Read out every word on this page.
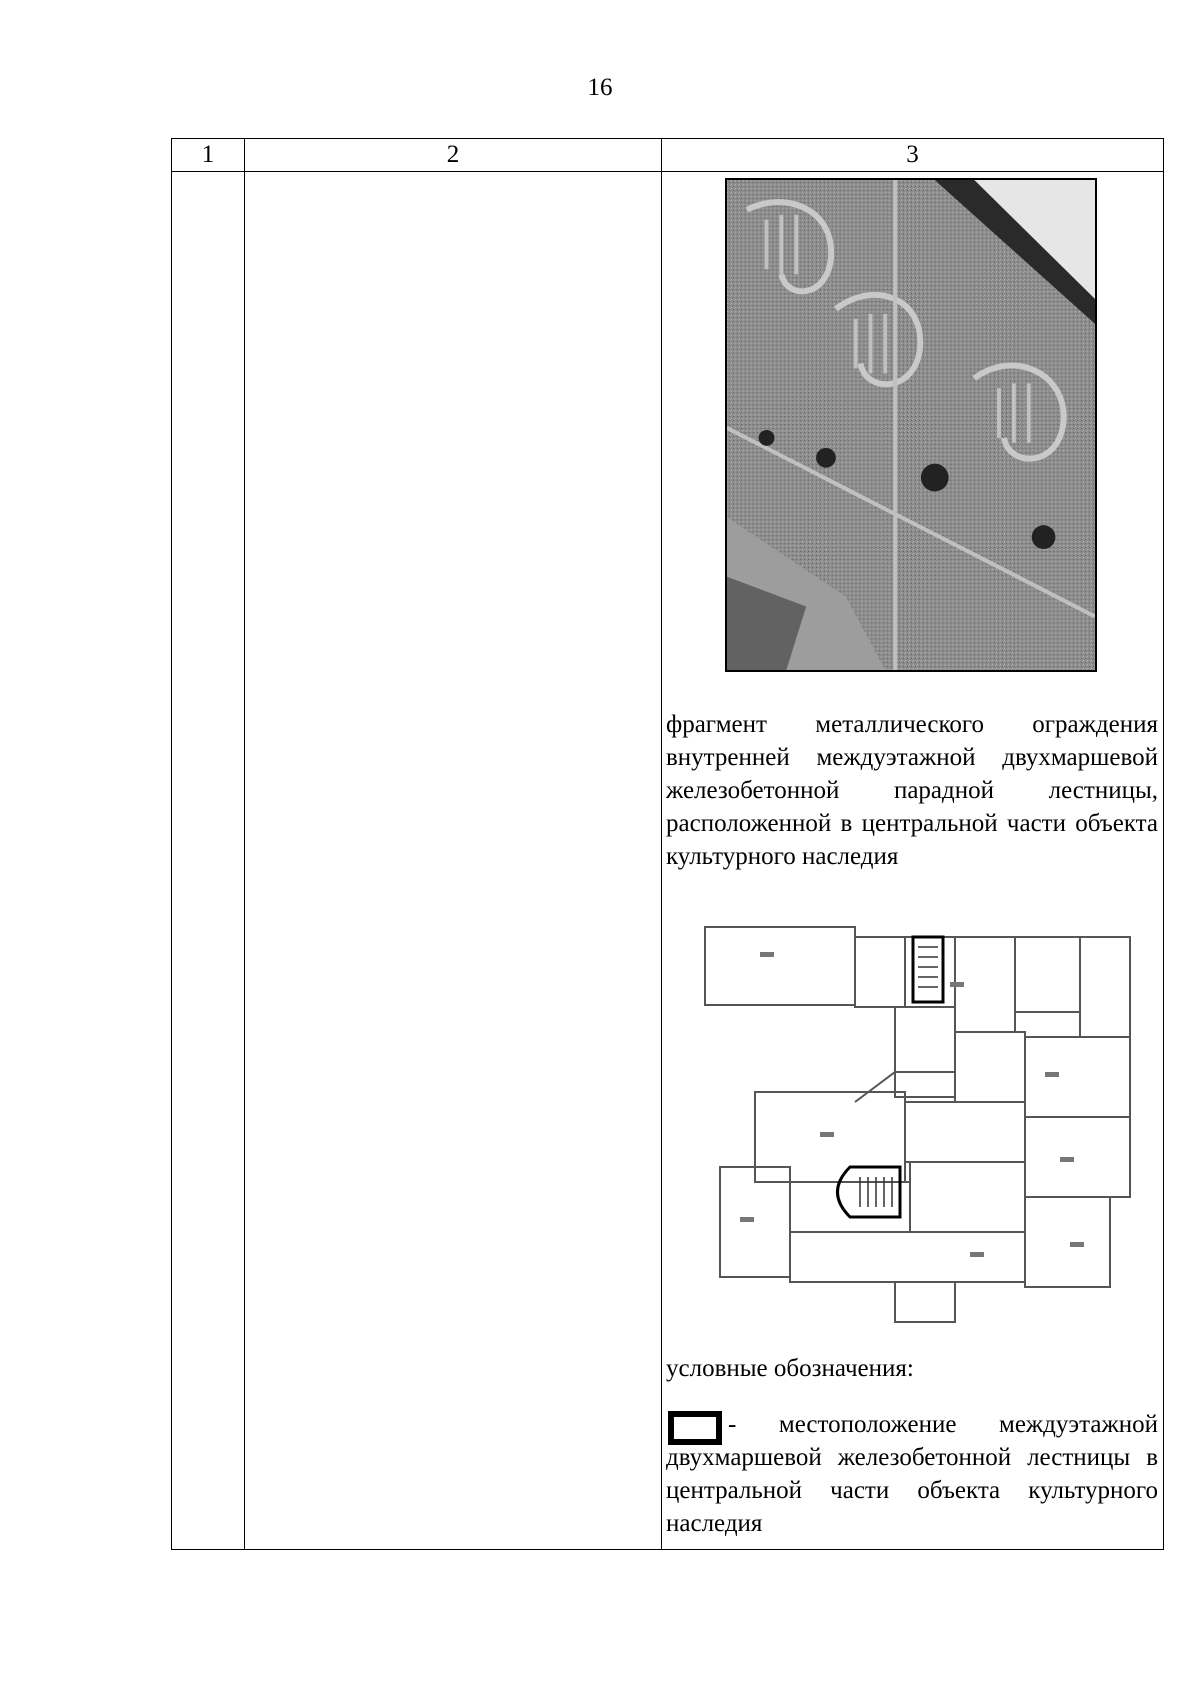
16
1	2	3

		фрагмент металлического ограждения внутренней междуэтажной двухмаршевой железобетонной парадной лестницы, расположенной в центральной части объекта культурного наследия
условные обозначения:
- местоположение междуэтажной двухмаршевой железобетонной лестницы в центральной части объекта культурного наследия
